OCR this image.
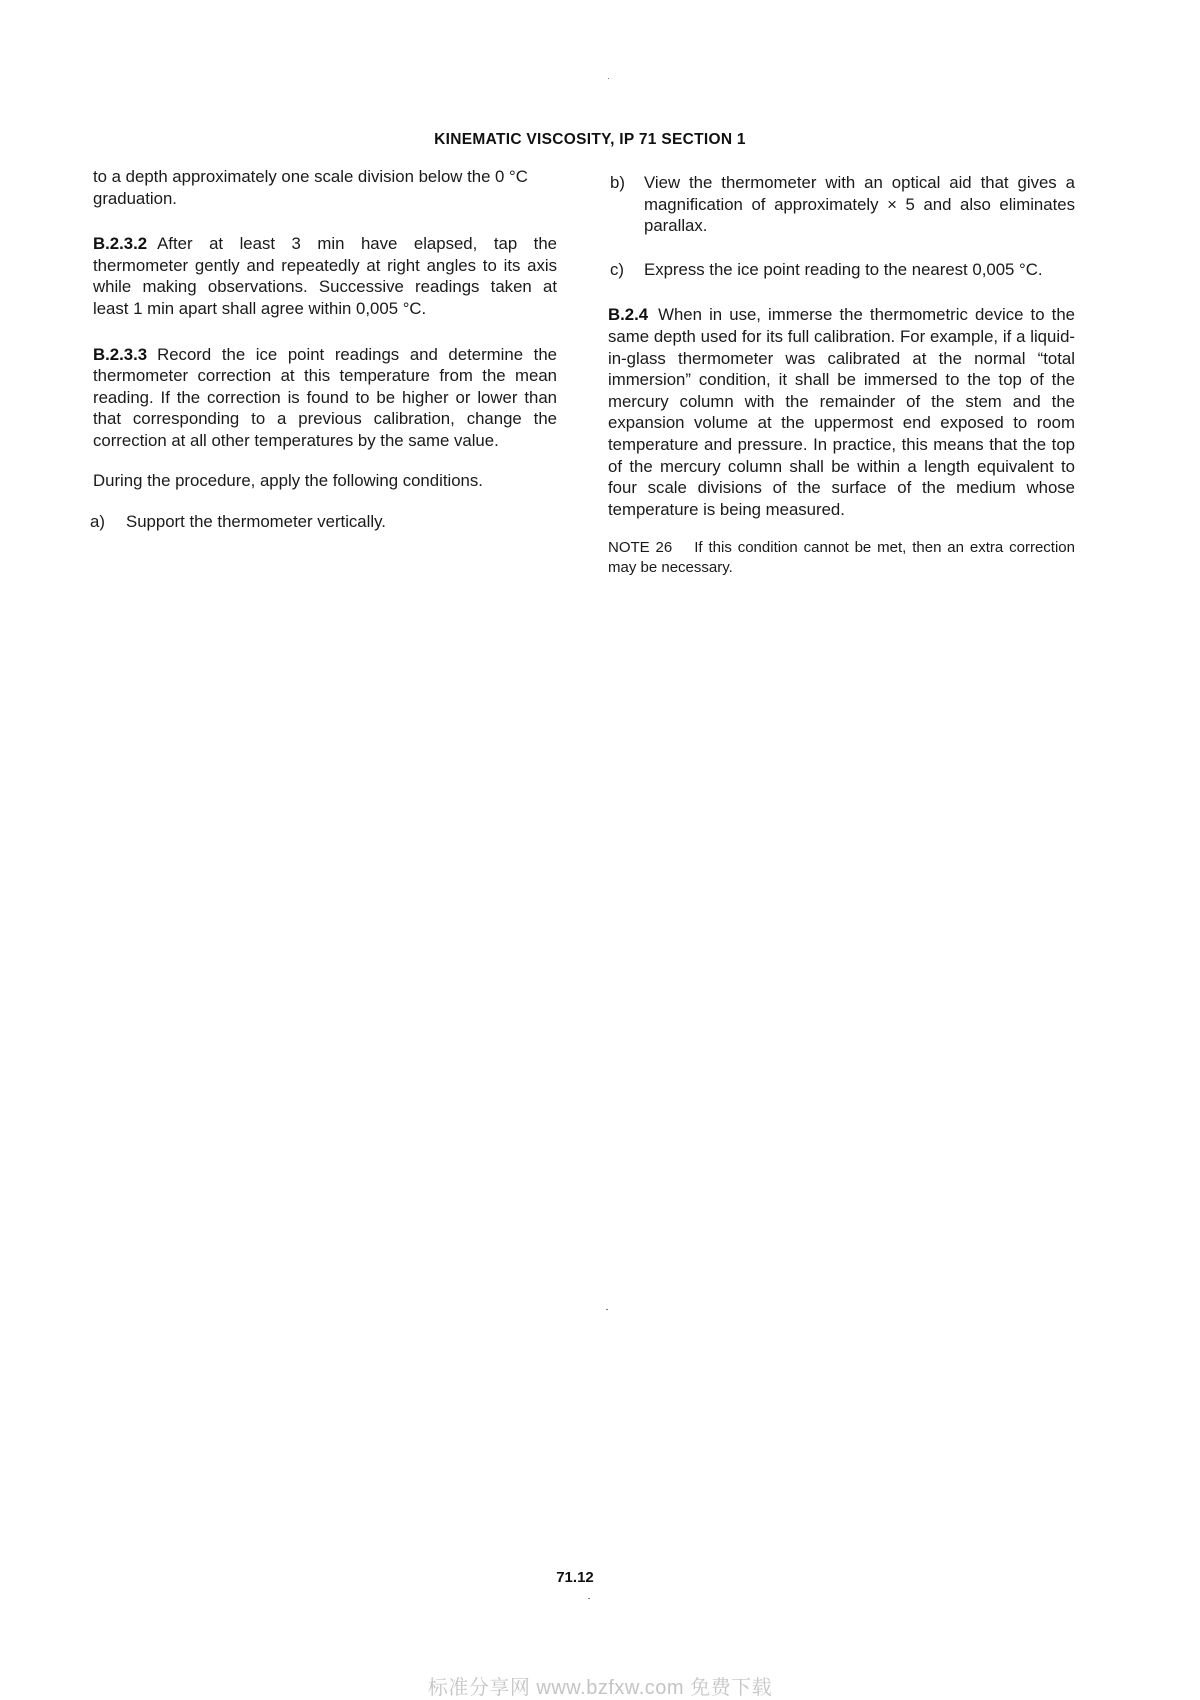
KINEMATIC VISCOSITY, IP 71 SECTION 1

to a depth approximately one scale division below the 0 °C graduation.

B.2.3.2 After at least 3 min have elapsed, tap the thermometer gently and repeatedly at right angles to its axis while making observations. Successive readings taken at least 1 min apart shall agree within 0,005 °C.

B.2.3.3 Record the ice point readings and determine the thermometer correction at this temperature from the mean reading. If the correction is found to be higher or lower than that corresponding to a previous calibration, change the correction at all other temperatures by the same value.

During the procedure, apply the following conditions.

a) Support the thermometer vertically.

b) View the thermometer with an optical aid that gives a magnification of approximately × 5 and also eliminates parallax.

c) Express the ice point reading to the nearest 0,005 °C.

B.2.4 When in use, immerse the thermometric device to the same depth used for its full calibration. For example, if a liquid-in-glass thermometer was calibrated at the normal “total immersion” condition, it shall be immersed to the top of the mercury column with the remainder of the stem and the expansion volume at the uppermost end exposed to room temperature and pressure. In practice, this means that the top of the mercury column shall be within a length equivalent to four scale divisions of the surface of the medium whose temperature is being measured.

NOTE 26 If this condition cannot be met, then an extra correction may be necessary.

71.12
标准分享网 www.bzfxw.com 免费下载
